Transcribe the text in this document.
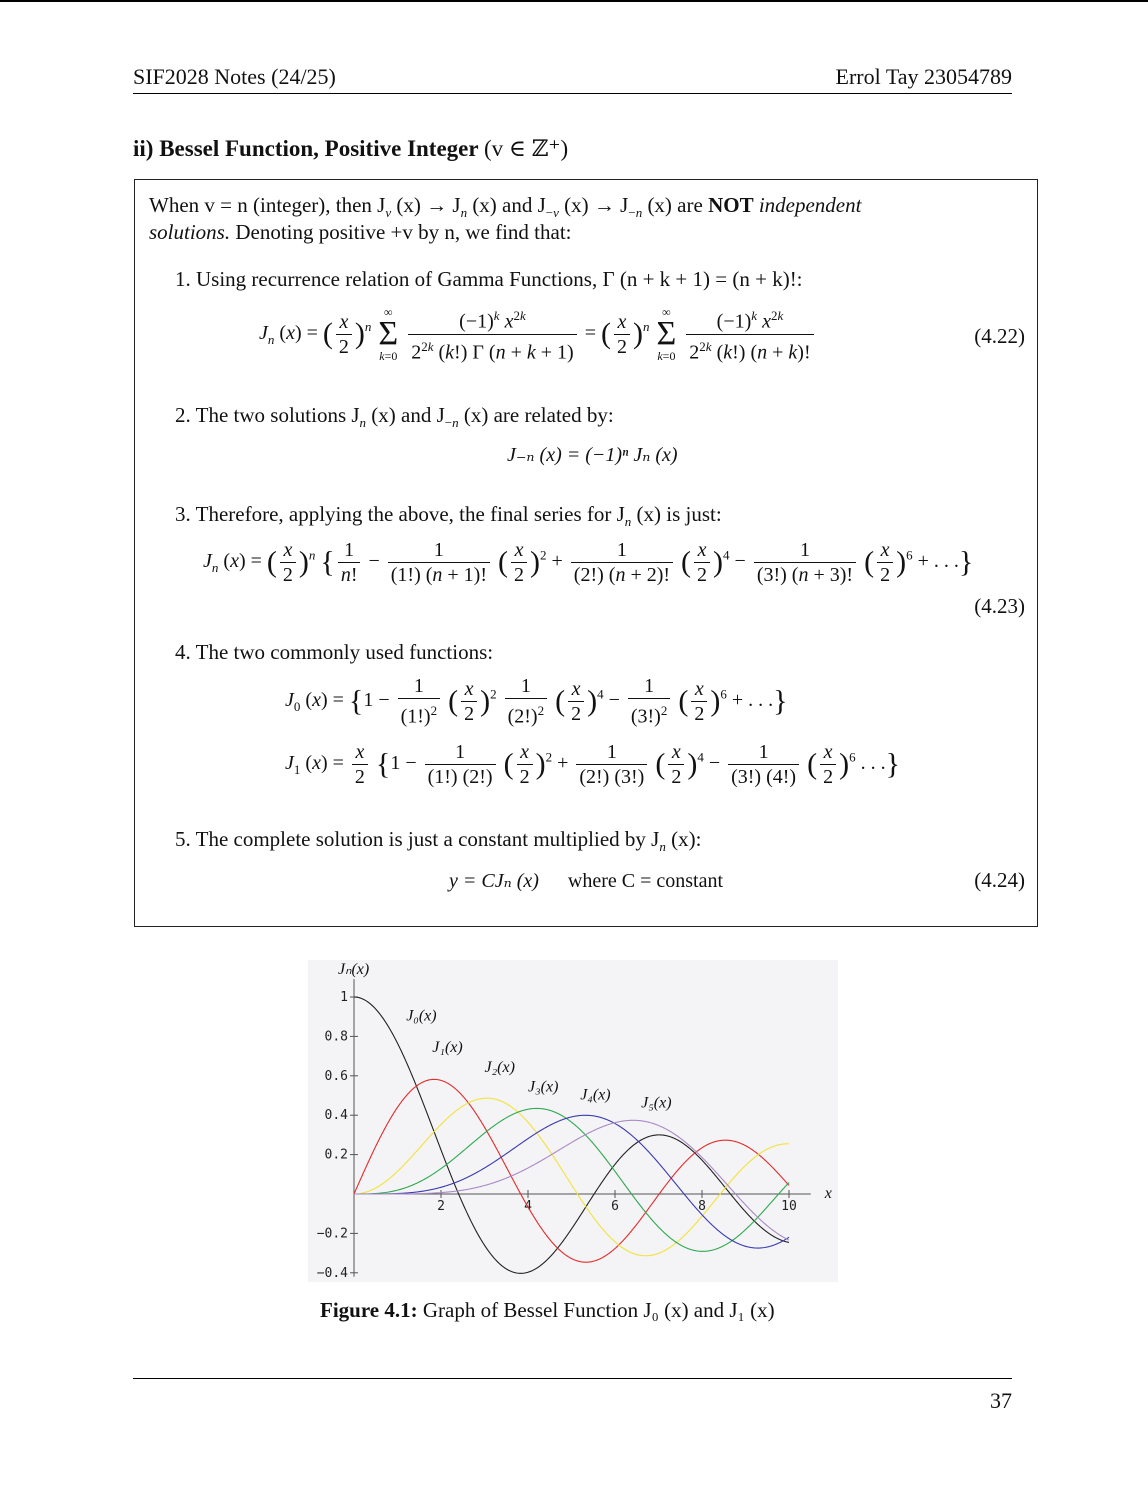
SIF2028 Notes (24/25)	Errol Tay 23054789
ii) Bessel Function, Positive Integer (v ∈ ℤ⁺)
When v = n (integer), then $J_v$ $(x) \to J_n$ (x) and $J_{-v}$ $(x) \to J_{-n}$ (x) are NOT independent
solutions. Denoting positive +v by n, we find that:
1. Using recurrence relation of Gamma Functions, Γ (n + k + 1) = (n + k)!:
$J_n$ (x) = ( $\frac{x}{2} )^n$ ∞
Σ
$k=0 \frac{(-1)^k x^{2k}}{2^{2k} (k!) \Gamma (n + k + 1)}$ = ( $\frac{x}{2} )^n$ ∞
Σ
$k=0 \frac{(-1)^k x^{2k}}{2^{2k} (k!) (n + k)!}$	(4.22)
2. The two solutions $J_n$ (x) and $J_{-n}$ (x) are related by:
J₋ₙ (x) = (−1)ⁿ Jₙ (x)
3. Therefore, applying the above, the final series for $J_n$ (x) is just:
$J_n$ (x) = ( $\frac{x}{2} )^n$ { $\frac{1}{n!} - \frac{1}{(1!) (n + 1)!}$ ( $\frac{x}{2} )^2 + \frac{1}{(2!) (n + 2)!}$ ( $\frac{x}{2} )^4 - \frac{1}{(3!) (n + 3)!}$ ( $\frac{x}{2} )^6$ + . . .}
(4.23)
4. The two commonly used functions:
$J_0$ $(x) = \{1 - \frac{1}{(1!)^2}$ ( $\frac{x}{2} )^2 \frac{1}{(2!)^2}$ ( $\frac{x}{2} )^4 - \frac{1}{(3!)^2}$ ( $\frac{x}{2} )^6$ + . . .}
$J_1$ $(x) = \frac{x}{2} \{1 - \frac{1}{(1!) (2!)}$ ( $\frac{x}{2} )^2 + \frac{1}{(2!) (3!)}$ ( $\frac{x}{2} )^4 - \frac{1}{(3!) (4!)}$ ( $\frac{x}{2} )^6$ . . .}
5. The complete solution is just a constant multiplied by $J_n$ (x):
y = CJₙ (x) where C = constant	(4.24)
1
0.8
0.6
0.4
0.2
−0.2
−0.4
2	4	6	8	10
Jₙ(x)
x
J₀(x)
J₁(x)
J₂(x)
J₃(x) J₄(x) J₅(x)
Figure 4.1: Graph of Bessel Function J₀ (x) and J₁ (x)
37
